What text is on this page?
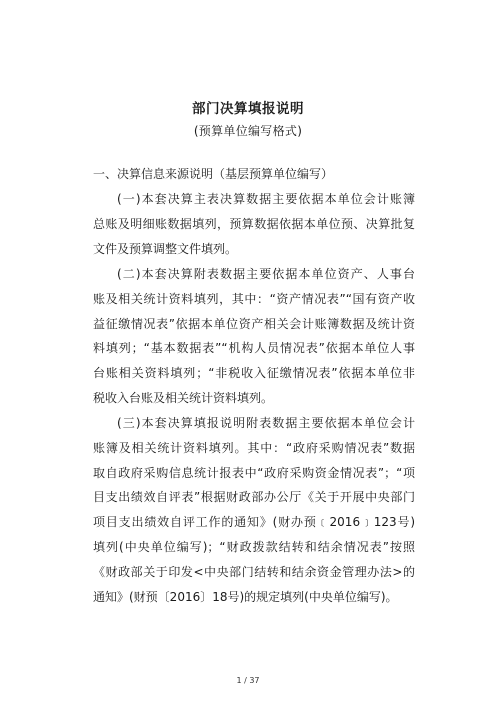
部门决算填报说明
(预算单位编写格式)
一、决算信息来源说明（基层预算单位编写）
(一)本套决算主表决算数据主要依据本单位会计账簿
总账及明细账数据填列，预算数据依据本单位预、决算批复
文件及预算调整文件填列。
(二)本套决算附表数据主要依据本单位资产、人事台
账及相关统计资料填列，其中：“资产情况表”“国有资产收
益征缴情况表”依据本单位资产相关会计账簿数据及统计资
料填列；“基本数据表”“机构人员情况表”依据本单位人事
台账相关资料填列；“非税收入征缴情况表”依据本单位非
税收入台账及相关统计资料填列。
(三)本套决算填报说明附表数据主要依据本单位会计
账簿及相关统计资料填列。其中：“政府采购情况表”数据
取自政府采购信息统计报表中“政府采购资金情况表”；“项
目支出绩效自评表”根据财政部办公厅《关于开展中央部门
项目支出绩效自评工作的通知》(财办预﹝2016﹞123号)
填列(中央单位编写)；“财政拨款结转和结余情况表”按照
《财政部关于印发<中央部门结转和结余资金管理办法>的
通知》(财预〔2016〕18号)的规定填列(中央单位编写)。
1 / 37
